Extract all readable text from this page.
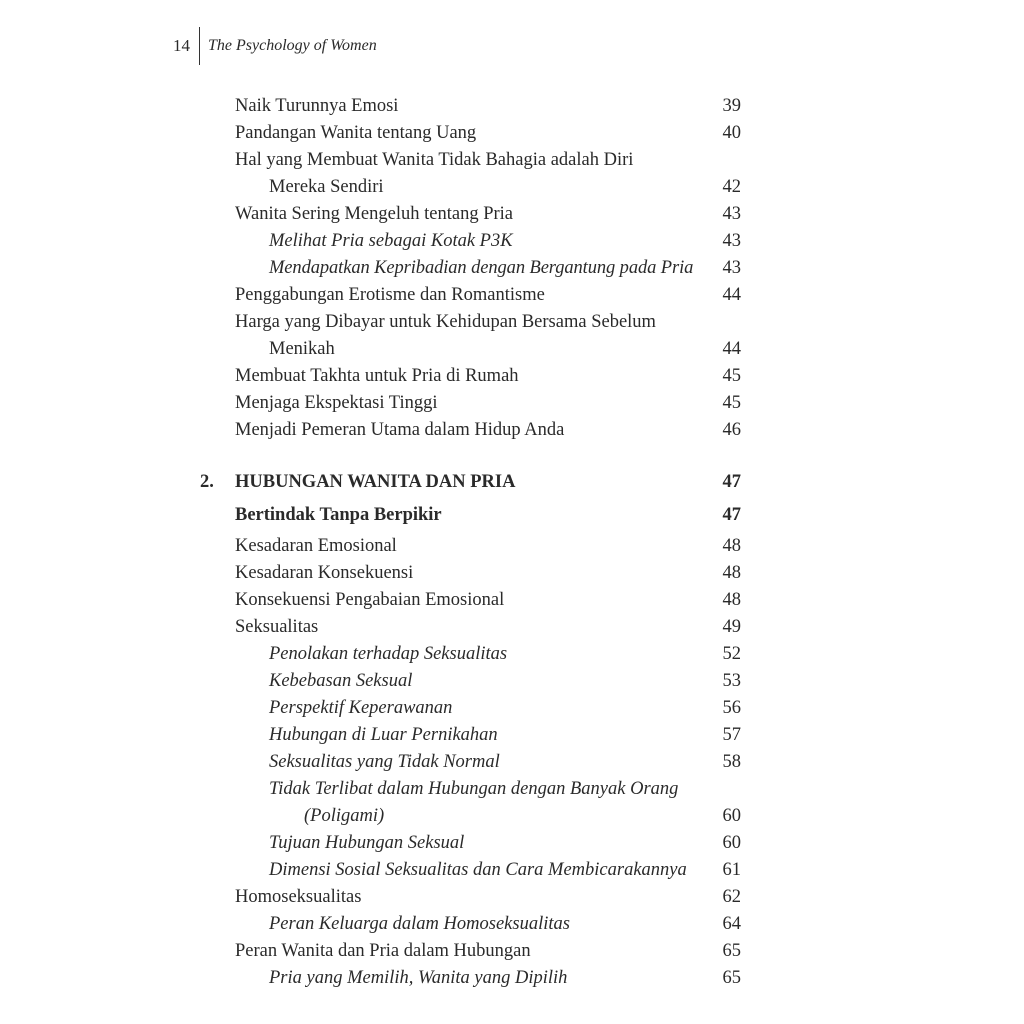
14	The Psychology of Women
Naik Turunnya Emosi	39
Pandangan Wanita tentang Uang	40
Hal yang Membuat Wanita Tidak Bahagia adalah Diri
Mereka Sendiri	42
Wanita Sering Mengeluh tentang Pria	43
Melihat Pria sebagai Kotak P3K	43
Mendapatkan Kepribadian dengan Bergantung pada Pria 43
Penggabungan Erotisme dan Romantisme	44
Harga yang Dibayar untuk Kehidupan Bersama Sebelum
Menikah	44
Membuat Takhta untuk Pria di Rumah	45
Menjaga Ekspektasi Tinggi	45
Menjadi Pemeran Utama dalam Hidup Anda	46
2. HUBUNGAN WANITA DAN PRIA	47
Bertindak Tanpa Berpikir	47
Kesadaran Emosional	48
Kesadaran Konsekuensi	48
Konsekuensi Pengabaian Emosional	48
Seksualitas	49
Penolakan terhadap Seksualitas	52
Kebebasan Seksual	53
Perspektif Keperawanan	56
Hubungan di Luar Pernikahan	57
Seksualitas yang Tidak Normal	58
Tidak Terlibat dalam Hubungan dengan Banyak Orang
(Poligami)	60
Tujuan Hubungan Seksual	60
Dimensi Sosial Seksualitas dan Cara Membicarakannya 61
Homoseksualitas	62
Peran Keluarga dalam Homoseksualitas	64
Peran Wanita dan Pria dalam Hubungan	65
Pria yang Memilih, Wanita yang Dipilih	65
